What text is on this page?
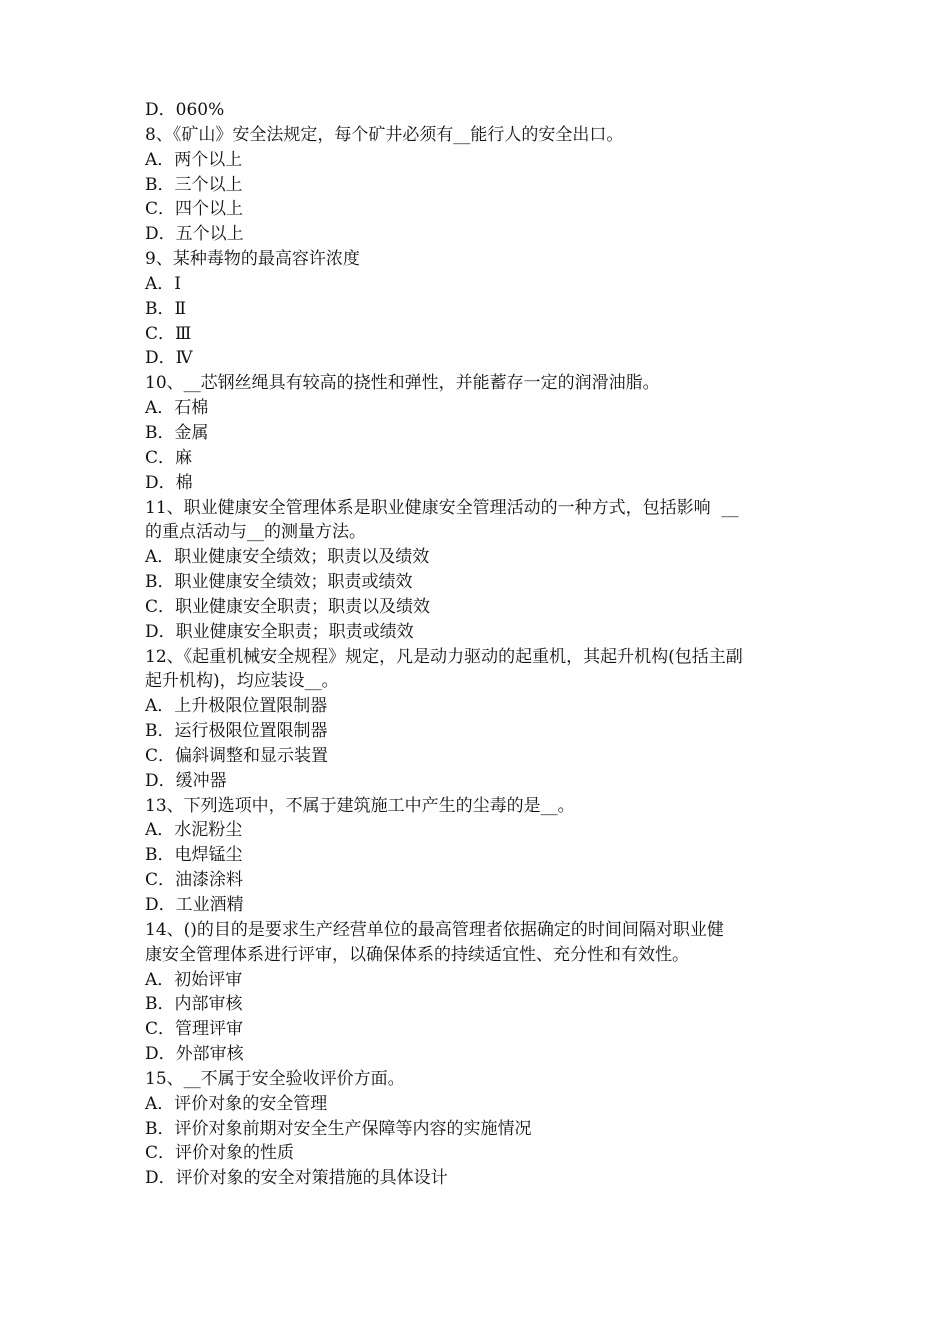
D．060%

8、《矿山》安全法规定，每个矿井必须有__能行人的安全出口。

A．两个以上

B．三个以上

C．四个以上

D．五个以上

9、某种毒物的最高容许浓度

A．Ⅰ

B．Ⅱ

C．Ⅲ

D．Ⅳ

10、__芯钢丝绳具有较高的挠性和弹性，并能蓄存一定的润滑油脂。

A．石棉

B．金属

C．麻

D．棉

11、职业健康安全管理体系是职业健康安全管理活动的一种方式，包括影响  __

的重点活动与__的测量方法。

A．职业健康安全绩效；职责以及绩效

B．职业健康安全绩效；职责或绩效

C．职业健康安全职责；职责以及绩效

D．职业健康安全职责；职责或绩效

12、《起重机械安全规程》规定，凡是动力驱动的起重机，其起升机构(包括主副

起升机构)，均应装设__。

A．上升极限位置限制器

B．运行极限位置限制器

C．偏斜调整和显示装置

D．缓冲器

13、下列选项中，不属于建筑施工中产生的尘毒的是__。

A．水泥粉尘

B．电焊锰尘

C．油漆涂料

D．工业酒精

14、()的目的是要求生产经营单位的最高管理者依据确定的时间间隔对职业健

康安全管理体系进行评审，以确保体系的持续适宜性、充分性和有效性。

A．初始评审

B．内部审核

C．管理评审

D．外部审核

15、__不属于安全验收评价方面。

A．评价对象的安全管理

B．评价对象前期对安全生产保障等内容的实施情况

C．评价对象的性质

D．评价对象的安全对策措施的具体设计
